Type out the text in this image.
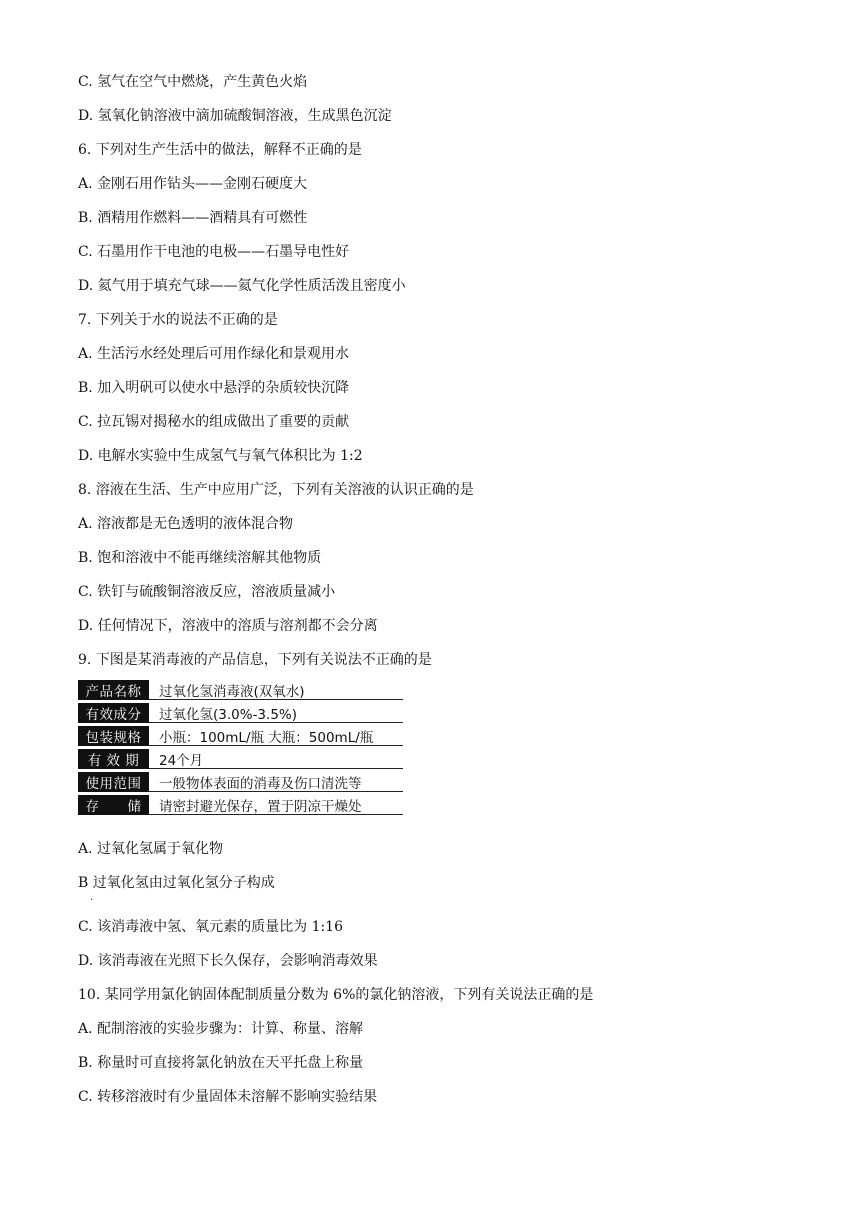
C. 氢气在空气中燃烧，产生黄色火焰
D. 氢氧化钠溶液中滴加硫酸铜溶液，生成黑色沉淀
6. 下列对生产生活中的做法，解释不正确的是
A. 金刚石用作钻头——金刚石硬度大
B. 酒精用作燃料——酒精具有可燃性
C. 石墨用作干电池的电极——石墨导电性好
D. 氦气用于填充气球——氦气化学性质活泼且密度小
7. 下列关于水的说法不正确的是
A. 生活污水经处理后可用作绿化和景观用水
B. 加入明矾可以使水中悬浮的杂质较快沉降
C. 拉瓦锡对揭秘水的组成做出了重要的贡献
D. 电解水实验中生成氢气与氧气体积比为 1:2
8. 溶液在生活、生产中应用广泛，下列有关溶液的认识正确的是
A. 溶液都是无色透明的液体混合物
B. 饱和溶液中不能再继续溶解其他物质
C. 铁钉与硫酸铜溶液反应，溶液质量减小
D. 任何情况下，溶液中的溶质与溶剂都不会分离
9. 下图是某消毒液的产品信息，下列有关说法不正确的是
产品名称	过氧化氢消毒液(双氧水)
有效成分	过氧化氢(3.0%-3.5%)
包装规格	小瓶：100mL/瓶 大瓶：500mL/瓶
有 效 期	24个月
使用范围	一般物体表面的消毒及伤口清洗等
存　　储	请密封避光保存，置于阴凉干燥处
A. 过氧化氢属于氧化物
B 过氧化氢由过氧化氢分子构成
.
C. 该消毒液中氢、氧元素的质量比为 1:16
D. 该消毒液在光照下长久保存，会影响消毒效果
10. 某同学用氯化钠固体配制质量分数为 6%的氯化钠溶液，下列有关说法正确的是
A. 配制溶液的实验步骤为：计算、称量、溶解
B. 称量时可直接将氯化钠放在天平托盘上称量
C. 转移溶液时有少量固体未溶解不影响实验结果
